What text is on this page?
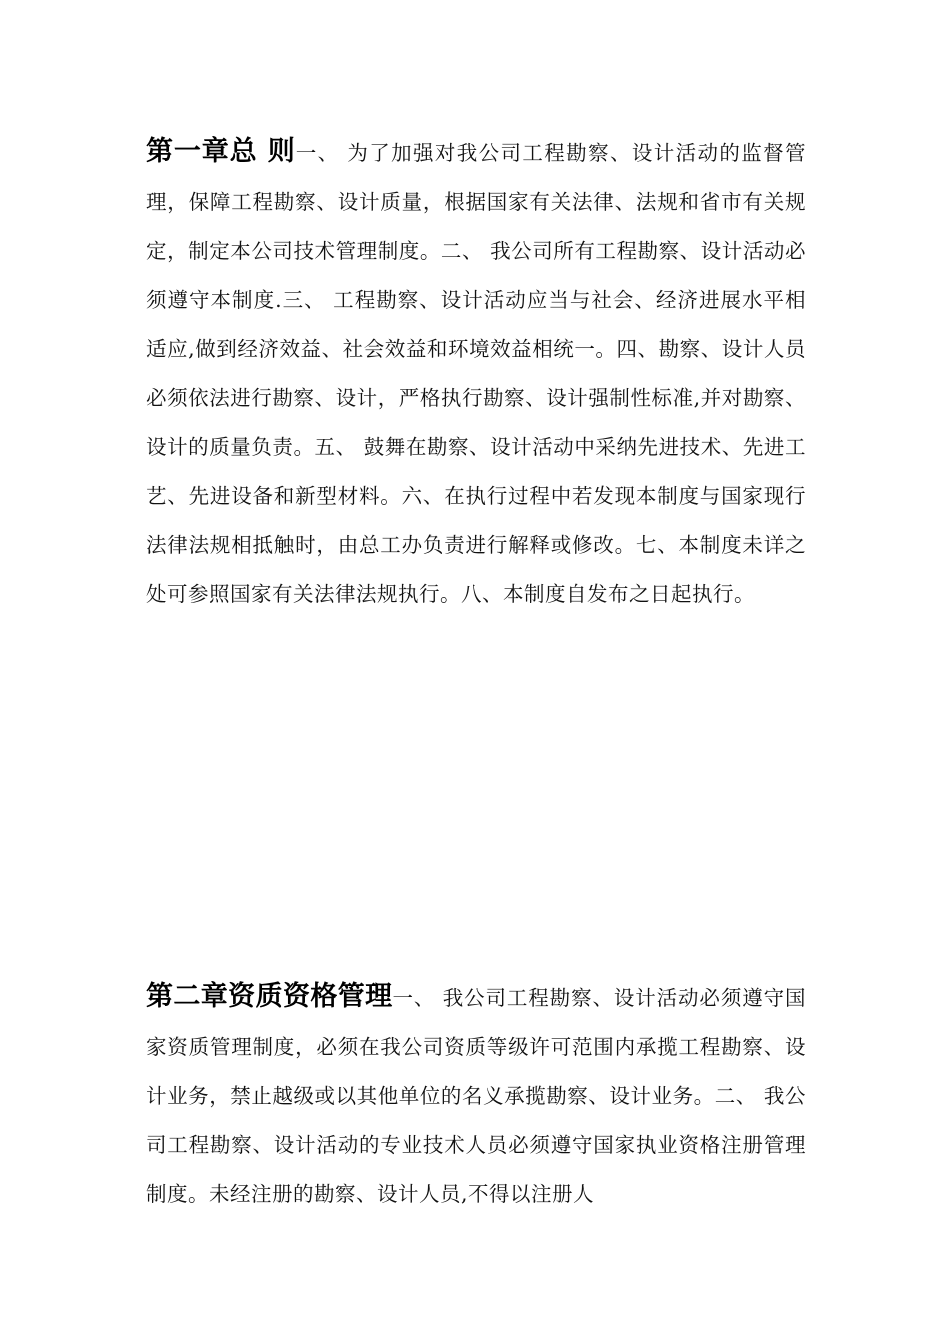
第一章总 则一、 为了加强对我公司工程勘察、设计活动的监督管理，保障工程勘察、设计质量，根据国家有关法律、法规和省市有关规定，制定本公司技术管理制度。二、 我公司所有工程勘察、设计活动必须遵守本制度.三、 工程勘察、设计活动应当与社会、经济进展水平相适应,做到经济效益、社会效益和环境效益相统一。四、勘察、设计人员必须依法进行勘察、设计，严格执行勘察、设计强制性标准,并对勘察、设计的质量负责。五、 鼓舞在勘察、设计活动中采纳先进技术、先进工艺、先进设备和新型材料。六、在执行过程中若发现本制度与国家现行法律法规相抵触时，由总工办负责进行解释或修改。七、本制度未详之处可参照国家有关法律法规执行。八、本制度自发布之日起执行。
第二章资质资格管理一、 我公司工程勘察、设计活动必须遵守国家资质管理制度，必须在我公司资质等级许可范围内承揽工程勘察、设计业务，禁止越级或以其他单位的名义承揽勘察、设计业务。二、 我公司工程勘察、设计活动的专业技术人员必须遵守国家执业资格注册管理制度。未经注册的勘察、设计人员,不得以注册人
